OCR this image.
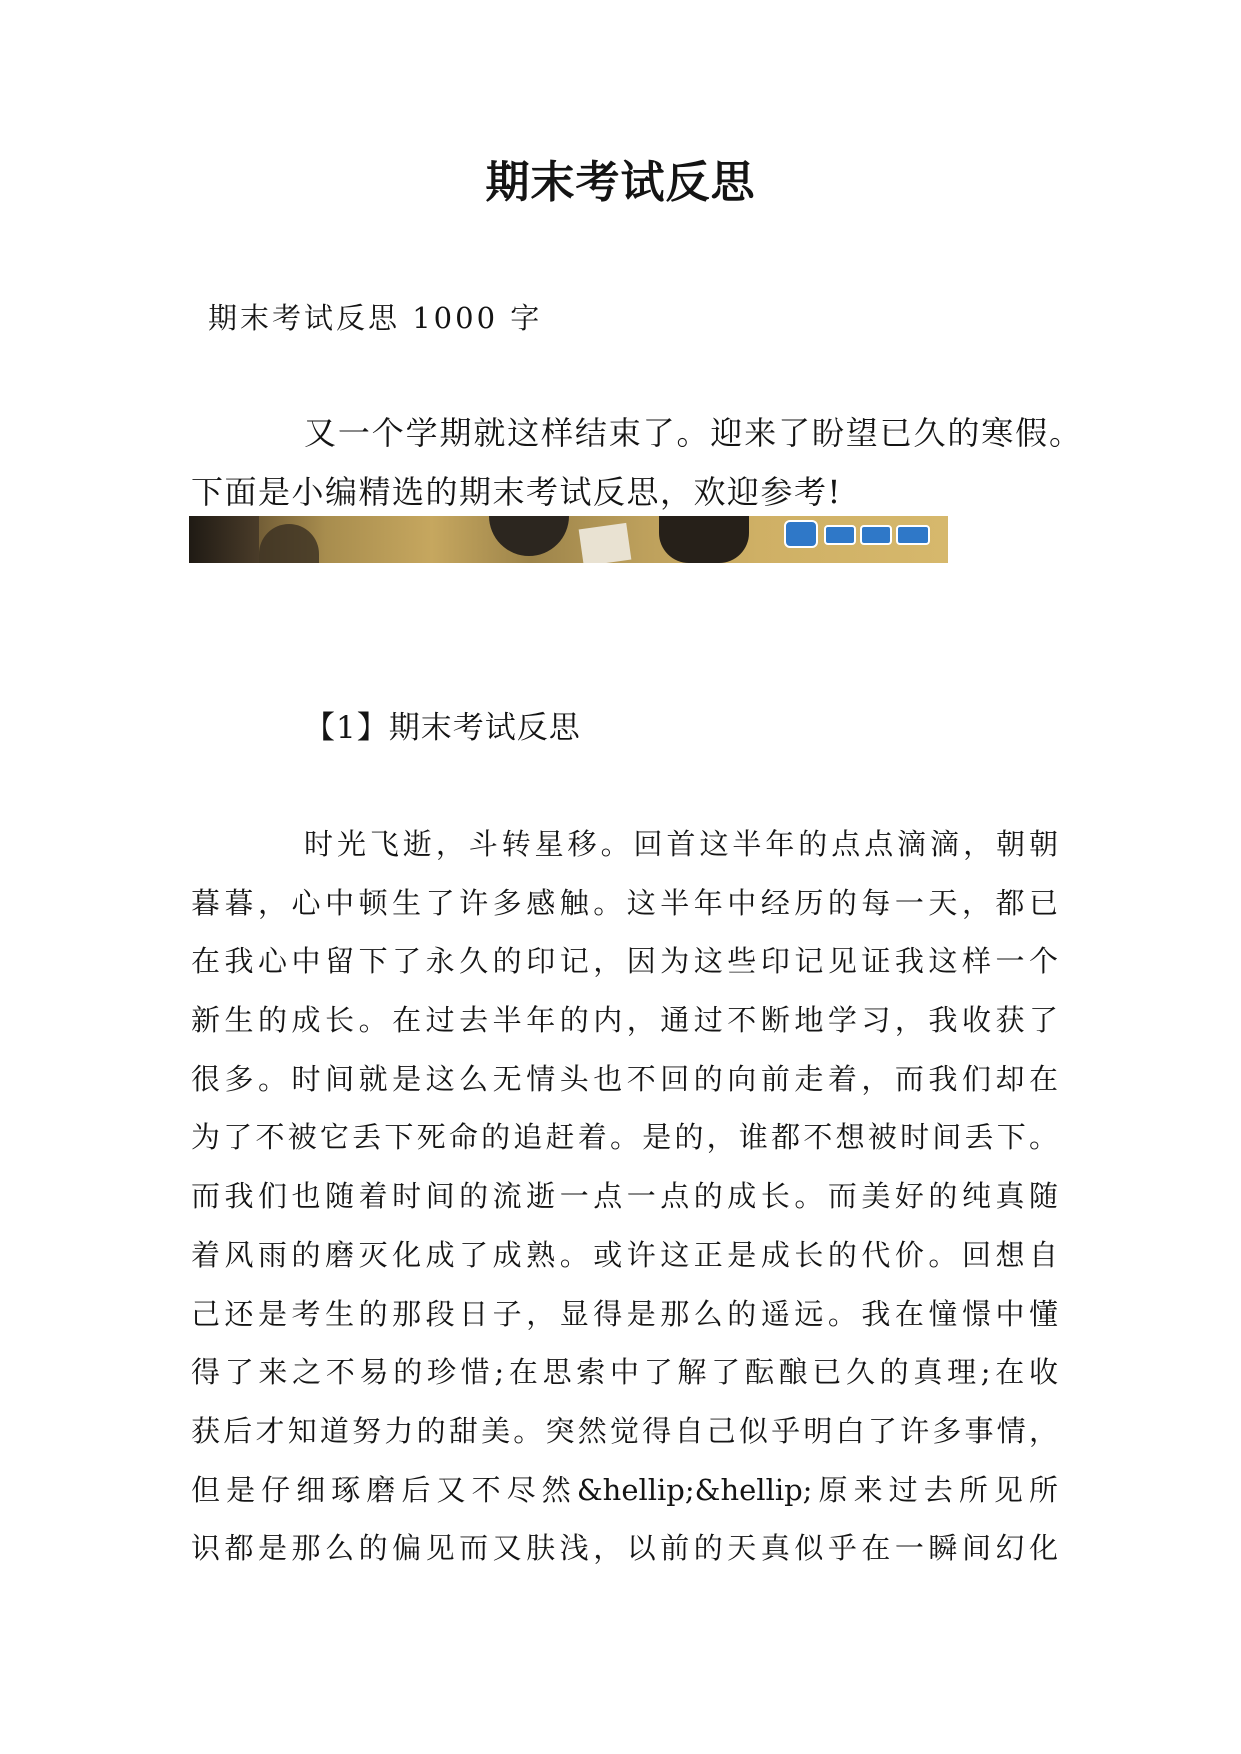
期末考试反思
期末考试反思 1000 字
又一个学期就这样结束了。迎来了盼望已久的寒假。
下面是小编精选的期末考试反思，欢迎参考!
【1】期末考试反思
时光飞逝，斗转星移。回首这半年的点点滴滴，朝朝
暮暮，心中顿生了许多感触。这半年中经历的每一天，都已
在我心中留下了永久的印记，因为这些印记见证我这样一个
新生的成长。在过去半年的内，通过不断地学习，我收获了
很多。时间就是这么无情头也不回的向前走着，而我们却在
为了不被它丢下死命的追赶着。是的，谁都不想被时间丢下。
而我们也随着时间的流逝一点一点的成长。而美好的纯真随
着风雨的磨灭化成了成熟。或许这正是成长的代价。回想自
己还是考生的那段日子，显得是那么的遥远。我在憧憬中懂
得了来之不易的珍惜;在思索中了解了酝酿已久的真理;在收
获后才知道努力的甜美。突然觉得自己似乎明白了许多事情，
但是仔细琢磨后又不尽然&hellip;&hellip;原来过去所见所
识都是那么的偏见而又肤浅，以前的天真似乎在一瞬间幻化
